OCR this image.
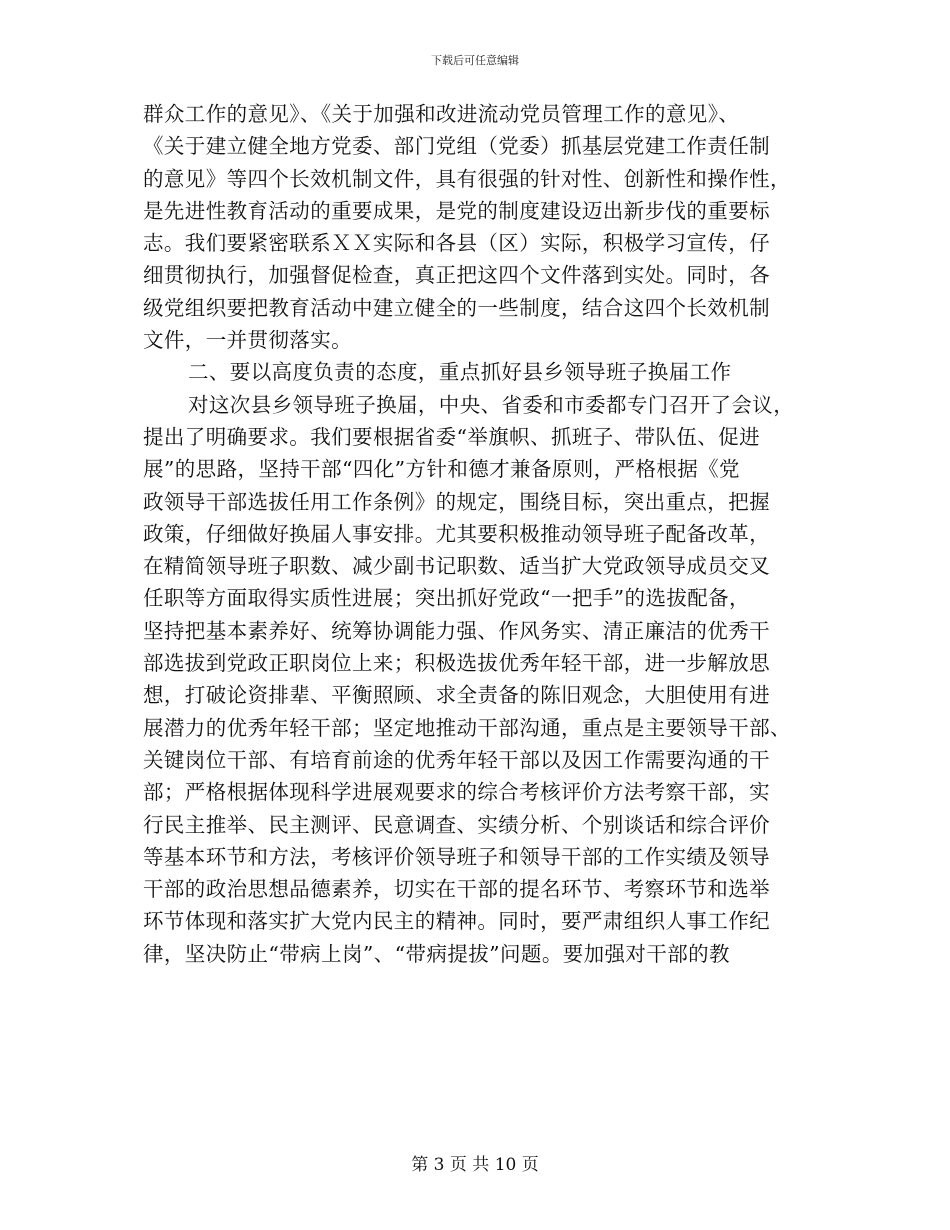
下载后可任意编辑
群众工作的意见》、《关于加强和改进流动党员管理工作的意见》、
《关于建立健全地方党委、部门党组（党委）抓基层党建工作责任制
的意见》等四个长效机制文件，具有很强的针对性、创新性和操作性，
是先进性教育活动的重要成果，是党的制度建设迈出新步伐的重要标
志。我们要紧密联系ＸＸ实际和各县（区）实际，积极学习宣传，仔
细贯彻执行，加强督促检查，真正把这四个文件落到实处。同时，各
级党组织要把教育活动中建立健全的一些制度，结合这四个长效机制
文件，一并贯彻落实。
二、要以高度负责的态度，重点抓好县乡领导班子换届工作
对这次县乡领导班子换届，中央、省委和市委都专门召开了会议，
提出了明确要求。我们要根据省委“举旗帜、抓班子、带队伍、促进
展”的思路，坚持干部“四化”方针和德才兼备原则，严格根据《党
政领导干部选拔任用工作条例》的规定，围绕目标，突出重点，把握
政策，仔细做好换届人事安排。尤其要积极推动领导班子配备改革，
在精简领导班子职数、减少副书记职数、适当扩大党政领导成员交叉
任职等方面取得实质性进展；突出抓好党政“一把手”的选拔配备，
坚持把基本素养好、统筹协调能力强、作风务实、清正廉洁的优秀干
部选拔到党政正职岗位上来；积极选拔优秀年轻干部，进一步解放思
想，打破论资排辈、平衡照顾、求全责备的陈旧观念，大胆使用有进
展潜力的优秀年轻干部；坚定地推动干部沟通，重点是主要领导干部、
关键岗位干部、有培育前途的优秀年轻干部以及因工作需要沟通的干
部；严格根据体现科学进展观要求的综合考核评价方法考察干部，实
行民主推举、民主测评、民意调查、实绩分析、个别谈话和综合评价
等基本环节和方法，考核评价领导班子和领导干部的工作实绩及领导
干部的政治思想品德素养，切实在干部的提名环节、考察环节和选举
环节体现和落实扩大党内民主的精神。同时，要严肃组织人事工作纪
律，坚决防止“带病上岗”、“带病提拔”问题。要加强对干部的教
第 3 页 共 10 页
